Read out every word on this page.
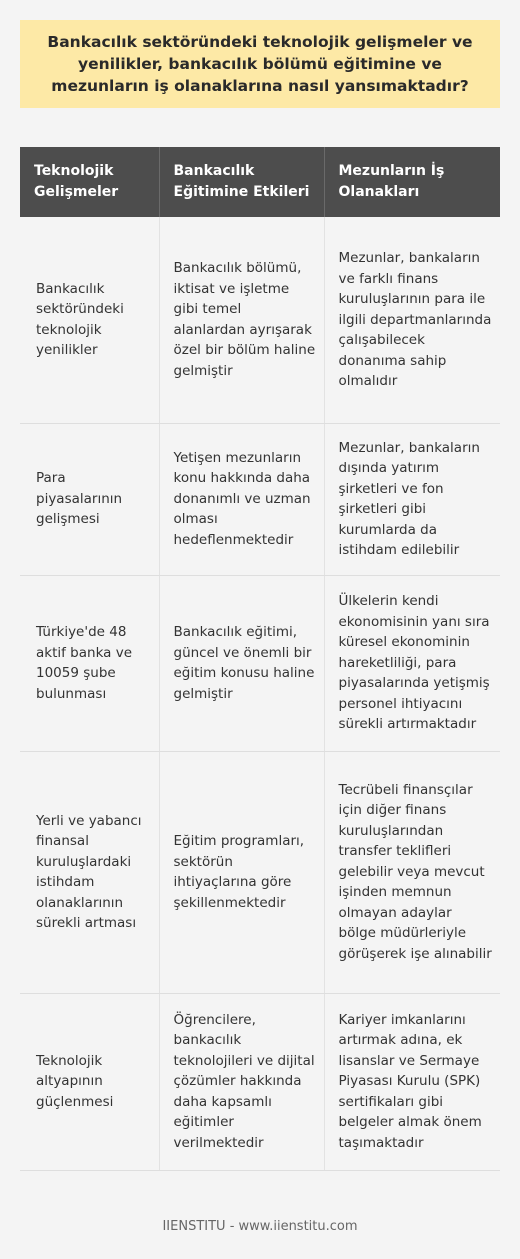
Bankacılık sektöründeki teknolojik gelişmeler ve yenilikler, bankacılık bölümü eğitimine ve mezunların iş olanaklarına nasıl yansımaktadır?

Teknolojik Gelişmeler	Bankacılık Eğitimine Etkileri	Mezunların İş Olanakları
Bankacılık sektöründeki teknolojik yenilikler	Bankacılık bölümü, iktisat ve işletme gibi temel alanlardan ayrışarak özel bir bölüm haline gelmiştir	Mezunlar, bankaların ve farklı finans kuruluşlarının para ile ilgili departmanlarında çalışabilecek donanıma sahip olmalıdır
Para piyasalarının gelişmesi	Yetişen mezunların konu hakkında daha donanımlı ve uzman olması hedeflenmektedir	Mezunlar, bankaların dışında yatırım şirketleri ve fon şirketleri gibi kurumlarda da istihdam edilebilir
Türkiye'de 48 aktif banka ve 10059 şube bulunması	Bankacılık eğitimi, güncel ve önemli bir eğitim konusu haline gelmiştir	Ülkelerin kendi ekonomisinin yanı sıra küresel ekonominin hareketliliği, para piyasalarında yetişmiş personel ihtiyacını sürekli artırmaktadır
Yerli ve yabancı finansal kuruluşlardaki istihdam olanaklarının sürekli artması	Eğitim programları, sektörün ihtiyaçlarına göre şekillenmektedir	Tecrübeli finansçılar için diğer finans kuruluşlarından transfer teklifleri gelebilir veya mevcut işinden memnun olmayan adaylar bölge müdürleriyle görüşerek işe alınabilir
Teknolojik altyapının güçlenmesi	Öğrencilere, bankacılık teknolojileri ve dijital çözümler hakkında daha kapsamlı eğitimler verilmektedir	Kariyer imkanlarını artırmak adına, ek lisanslar ve Sermaye Piyasası Kurulu (SPK) sertifikaları gibi belgeler almak önem taşımaktadır
IIENSTITU - www.iienstitu.com
